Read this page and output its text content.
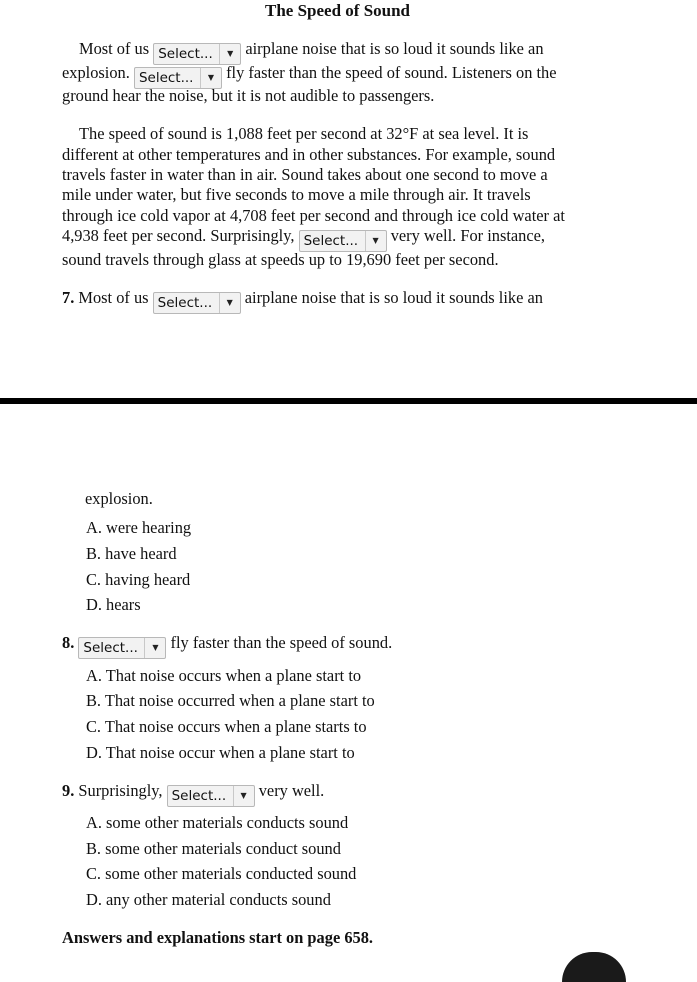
The Speed of Sound
Most of us Select...	▼ airplane noise that is so loud it sounds like an
explosion. Select...	▼ fly faster than the speed of sound. Listeners on the
ground hear the noise, but it is not audible to passengers.
The speed of sound is 1,088 feet per second at 32°F at sea level. It is
different at other temperatures and in other substances. For example, sound
travels faster in water than in air. Sound takes about one second to move a
mile under water, but five seconds to move a mile through air. It travels
through ice cold vapor at 4,708 feet per second and through ice cold water at
4,938 feet per second. Surprisingly, Select...	▼ very well. For instance,
sound travels through glass at speeds up to 19,690 feet per second.
7. Most of us Select...	▼ airplane noise that is so loud it sounds like an
explosion.
A. were hearing
B. have heard
C. having heard
D. hears
8. Select...	▼ fly faster than the speed of sound.
A. That noise occurs when a plane start to
B. That noise occurred when a plane start to
C. That noise occurs when a plane starts to
D. That noise occur when a plane start to
9. Surprisingly, Select...	▼ very well.
A. some other materials conducts sound
B. some other materials conduct sound
C. some other materials conducted sound
D. any other material conducts sound
Answers and explanations start on page 658.
